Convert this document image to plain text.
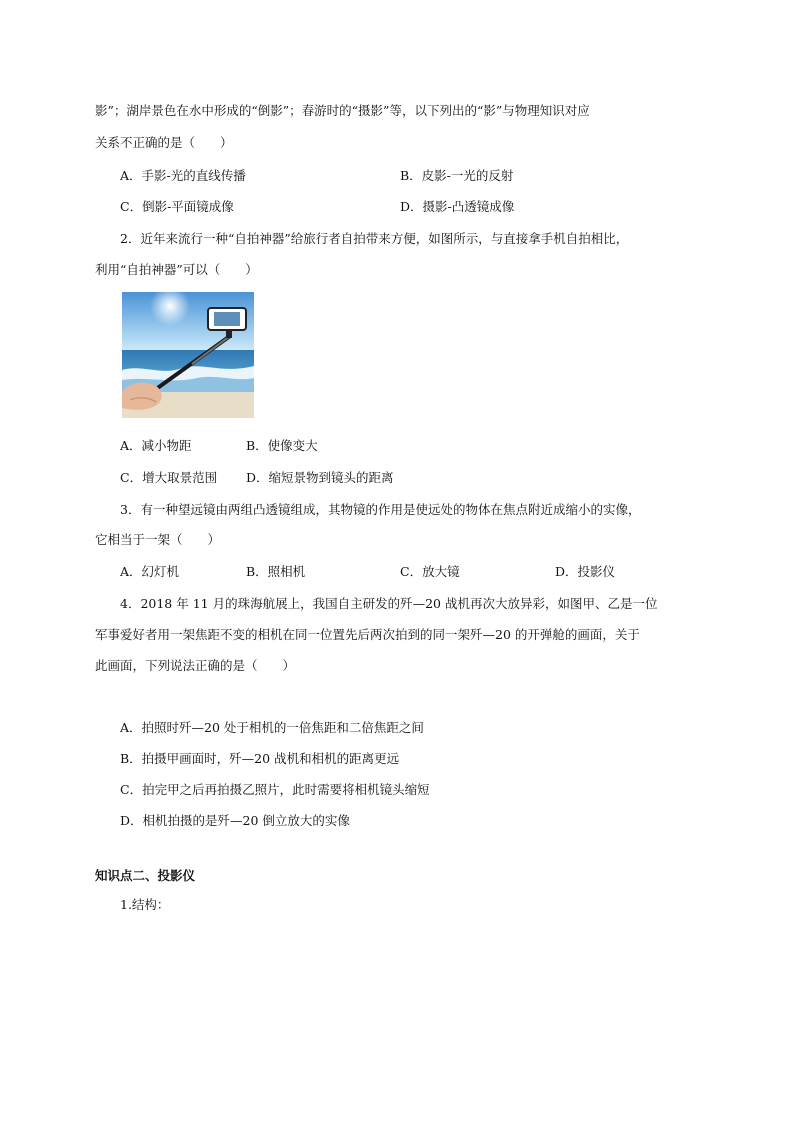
影”；湖岸景色在水中形成的“倒影”；春游时的“摄影”等，以下列出的“影”与物理知识对应
关系不正确的是（　　）
A．手影-光的直线传播	B．皮影-一光的反射
C．倒影-平面镜成像	D．摄影-凸透镜成像
2．近年来流行一种“自拍神器”给旅行者自拍带来方便，如图所示，与直接拿手机自拍相比，
利用“自拍神器”可以（　　）
A．减小物距	B．使像变大
C．增大取景范围 D．缩短景物到镜头的距离
3．有一种望远镜由两组凸透镜组成，其物镜的作用是使远处的物体在焦点附近成缩小的实像，
它相当于一架（　　）
A．幻灯机	B．照相机	C．放大镜	D．投影仪
4．2018 年 11 月的珠海航展上，我国自主研发的歼—20 战机再次大放异彩，如图甲、乙是一位
军事爱好者用一架焦距不变的相机在同一位置先后两次拍到的同一架歼—20 的开弹舱的画面，关于
此画面，下列说法正确的是（　　）
A．拍照时歼—20 处于相机的一倍焦距和二倍焦距之间
B．拍摄甲画面时，歼—20 战机和相机的距离更远
C．拍完甲之后再拍摄乙照片，此时需要将相机镜头缩短
D．相机拍摄的是歼—20 倒立放大的实像
知识点二、投影仪
1.结构：
